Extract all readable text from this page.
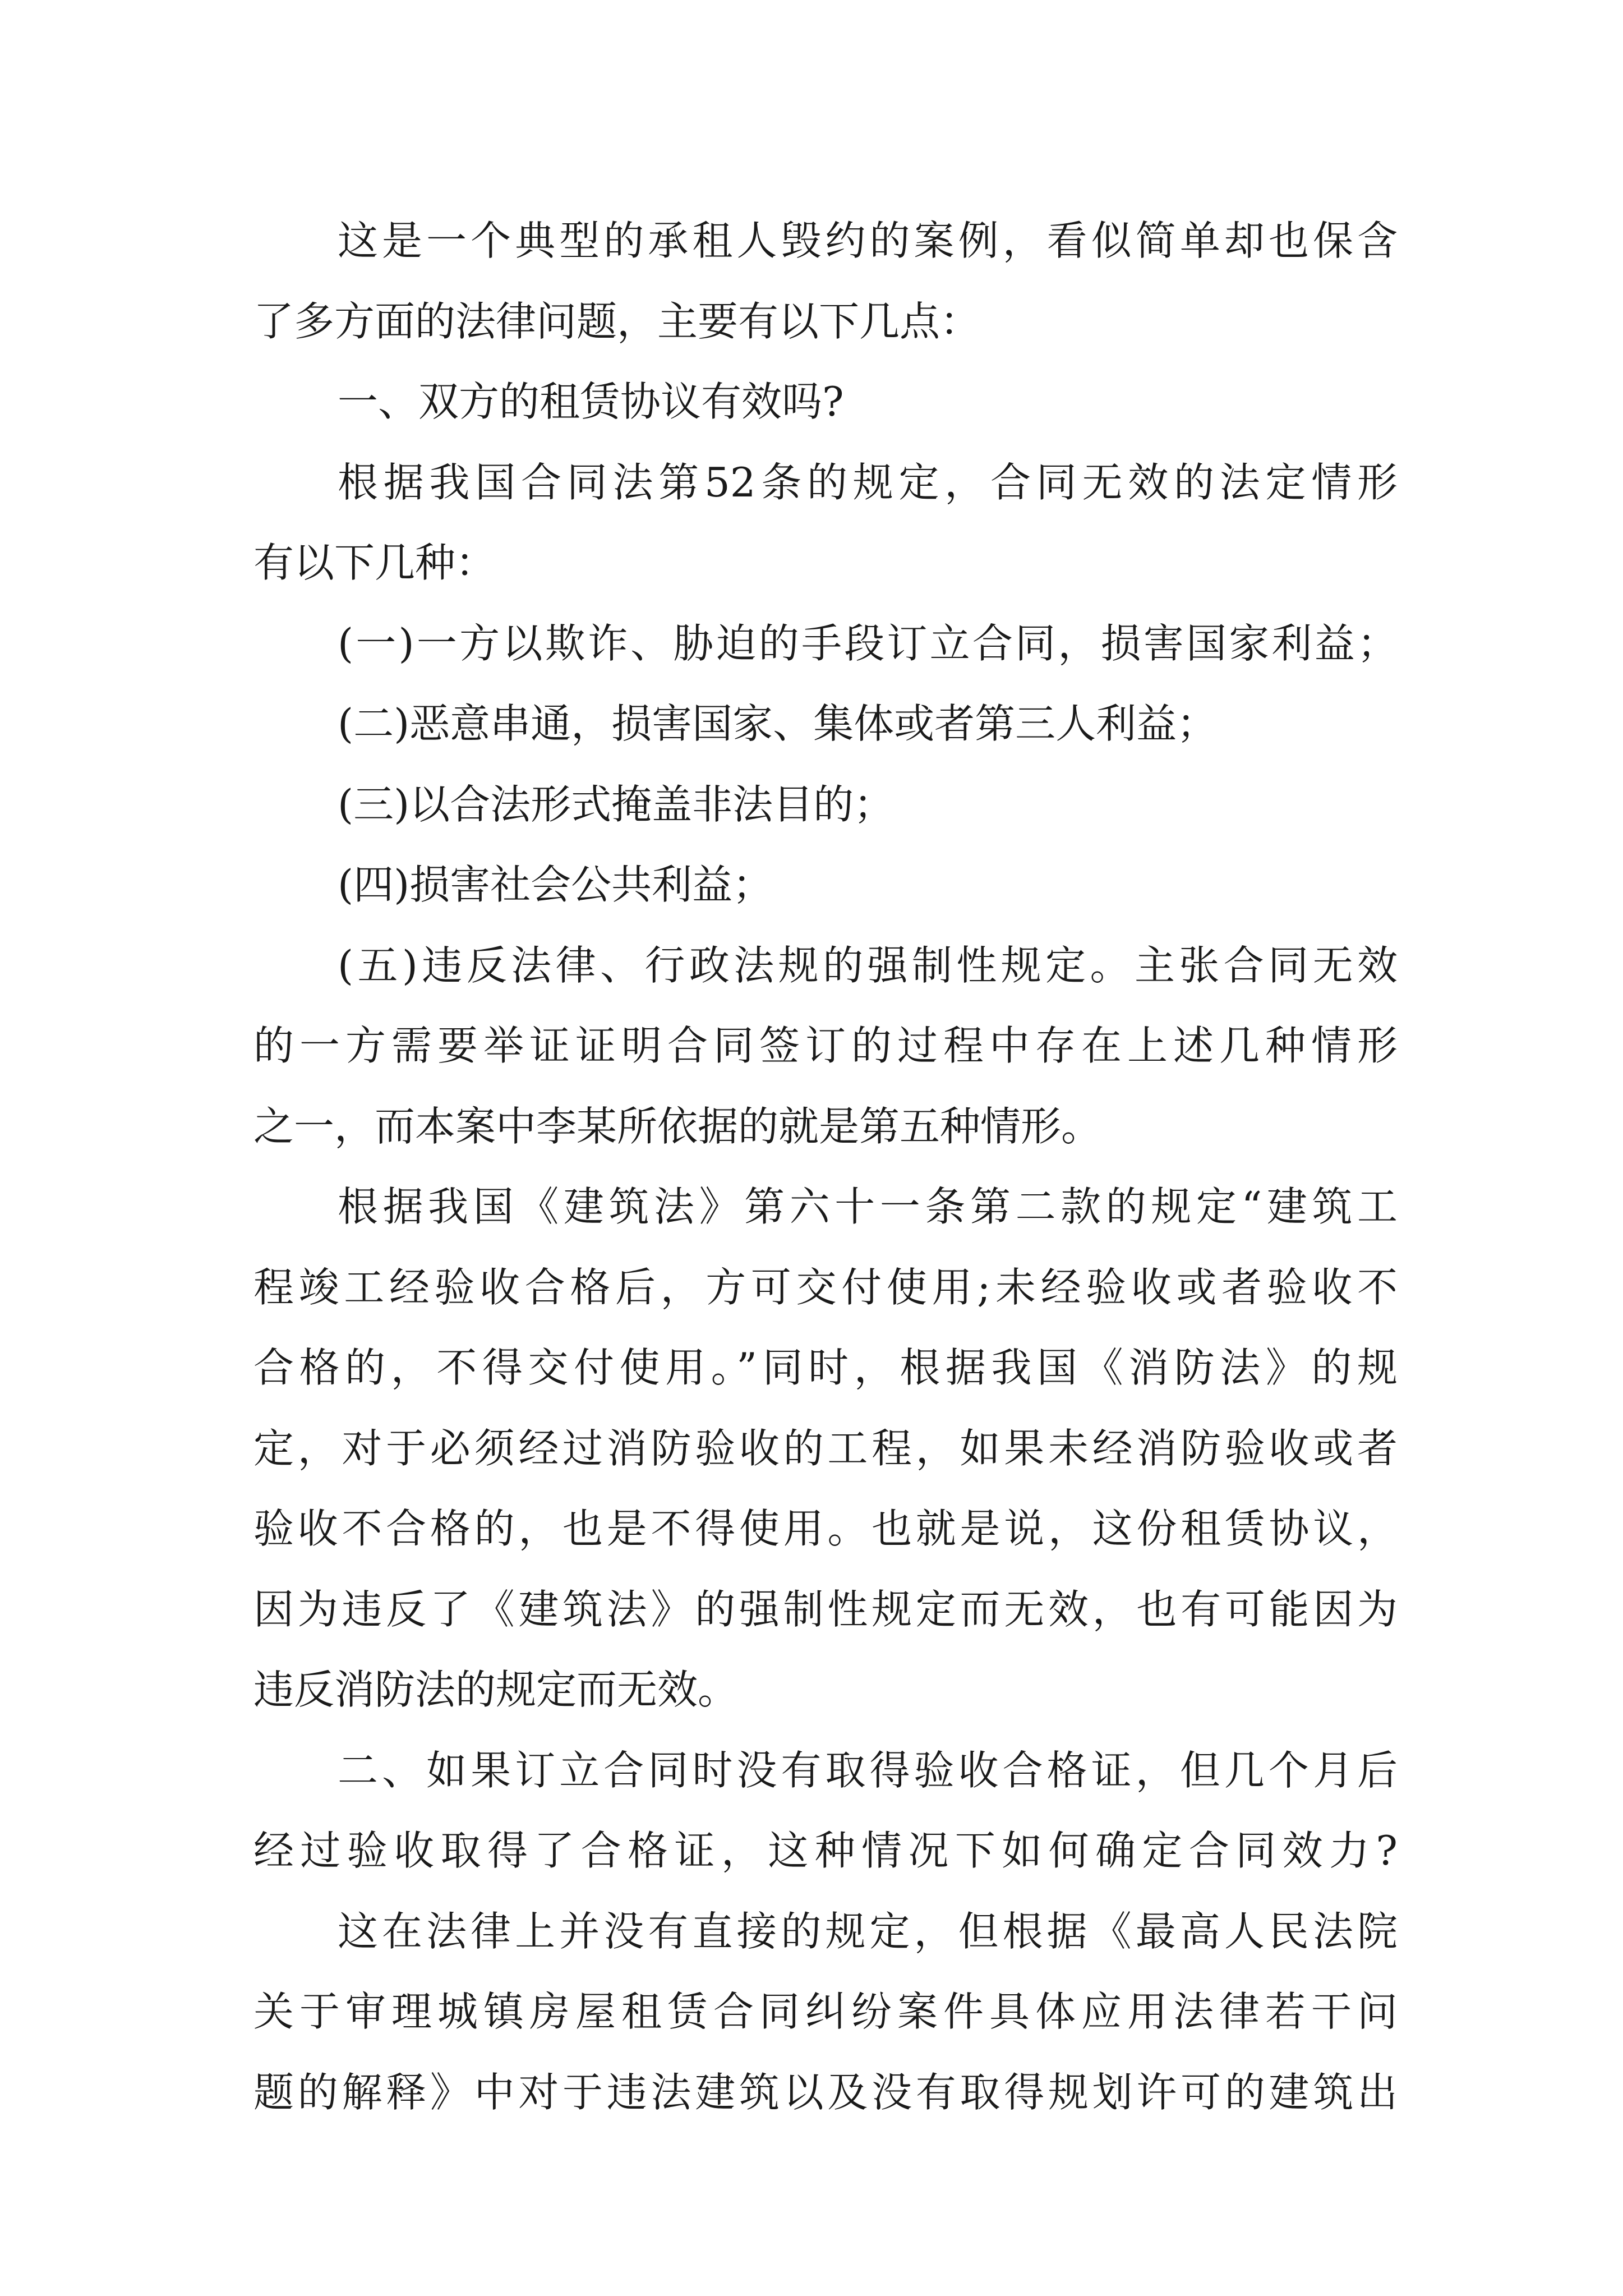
这是一个典型的承租人毁约的案例，看似简单却也保含
了多方面的法律问题，主要有以下几点：
一、双方的租赁协议有效吗?
根据我国合同法第52条的规定，合同无效的法定情形
有以下几种：
(一)一方以欺诈、胁迫的手段订立合同，损害国家利益；
(二)恶意串通，损害国家、集体或者第三人利益；
(三)以合法形式掩盖非法目的；
(四)损害社会公共利益；
(五)违反法律、行政法规的强制性规定。主张合同无效
的一方需要举证证明合同签订的过程中存在上述几种情形
之一，而本案中李某所依据的就是第五种情形。
根据我国《建筑法》第六十一条第二款的规定“建筑工
程竣工经验收合格后，方可交付使用;未经验收或者验收不
合格的，不得交付使用。”同时，根据我国《消防法》的规
定，对于必须经过消防验收的工程，如果未经消防验收或者
验收不合格的，也是不得使用。也就是说，这份租赁协议，
因为违反了《建筑法》的强制性规定而无效，也有可能因为
违反消防法的规定而无效。
二、如果订立合同时没有取得验收合格证，但几个月后
经过验收取得了合格证，这种情况下如何确定合同效力?
这在法律上并没有直接的规定，但根据《最高人民法院
关于审理城镇房屋租赁合同纠纷案件具体应用法律若干问
题的解释》中对于违法建筑以及没有取得规划许可的建筑出
